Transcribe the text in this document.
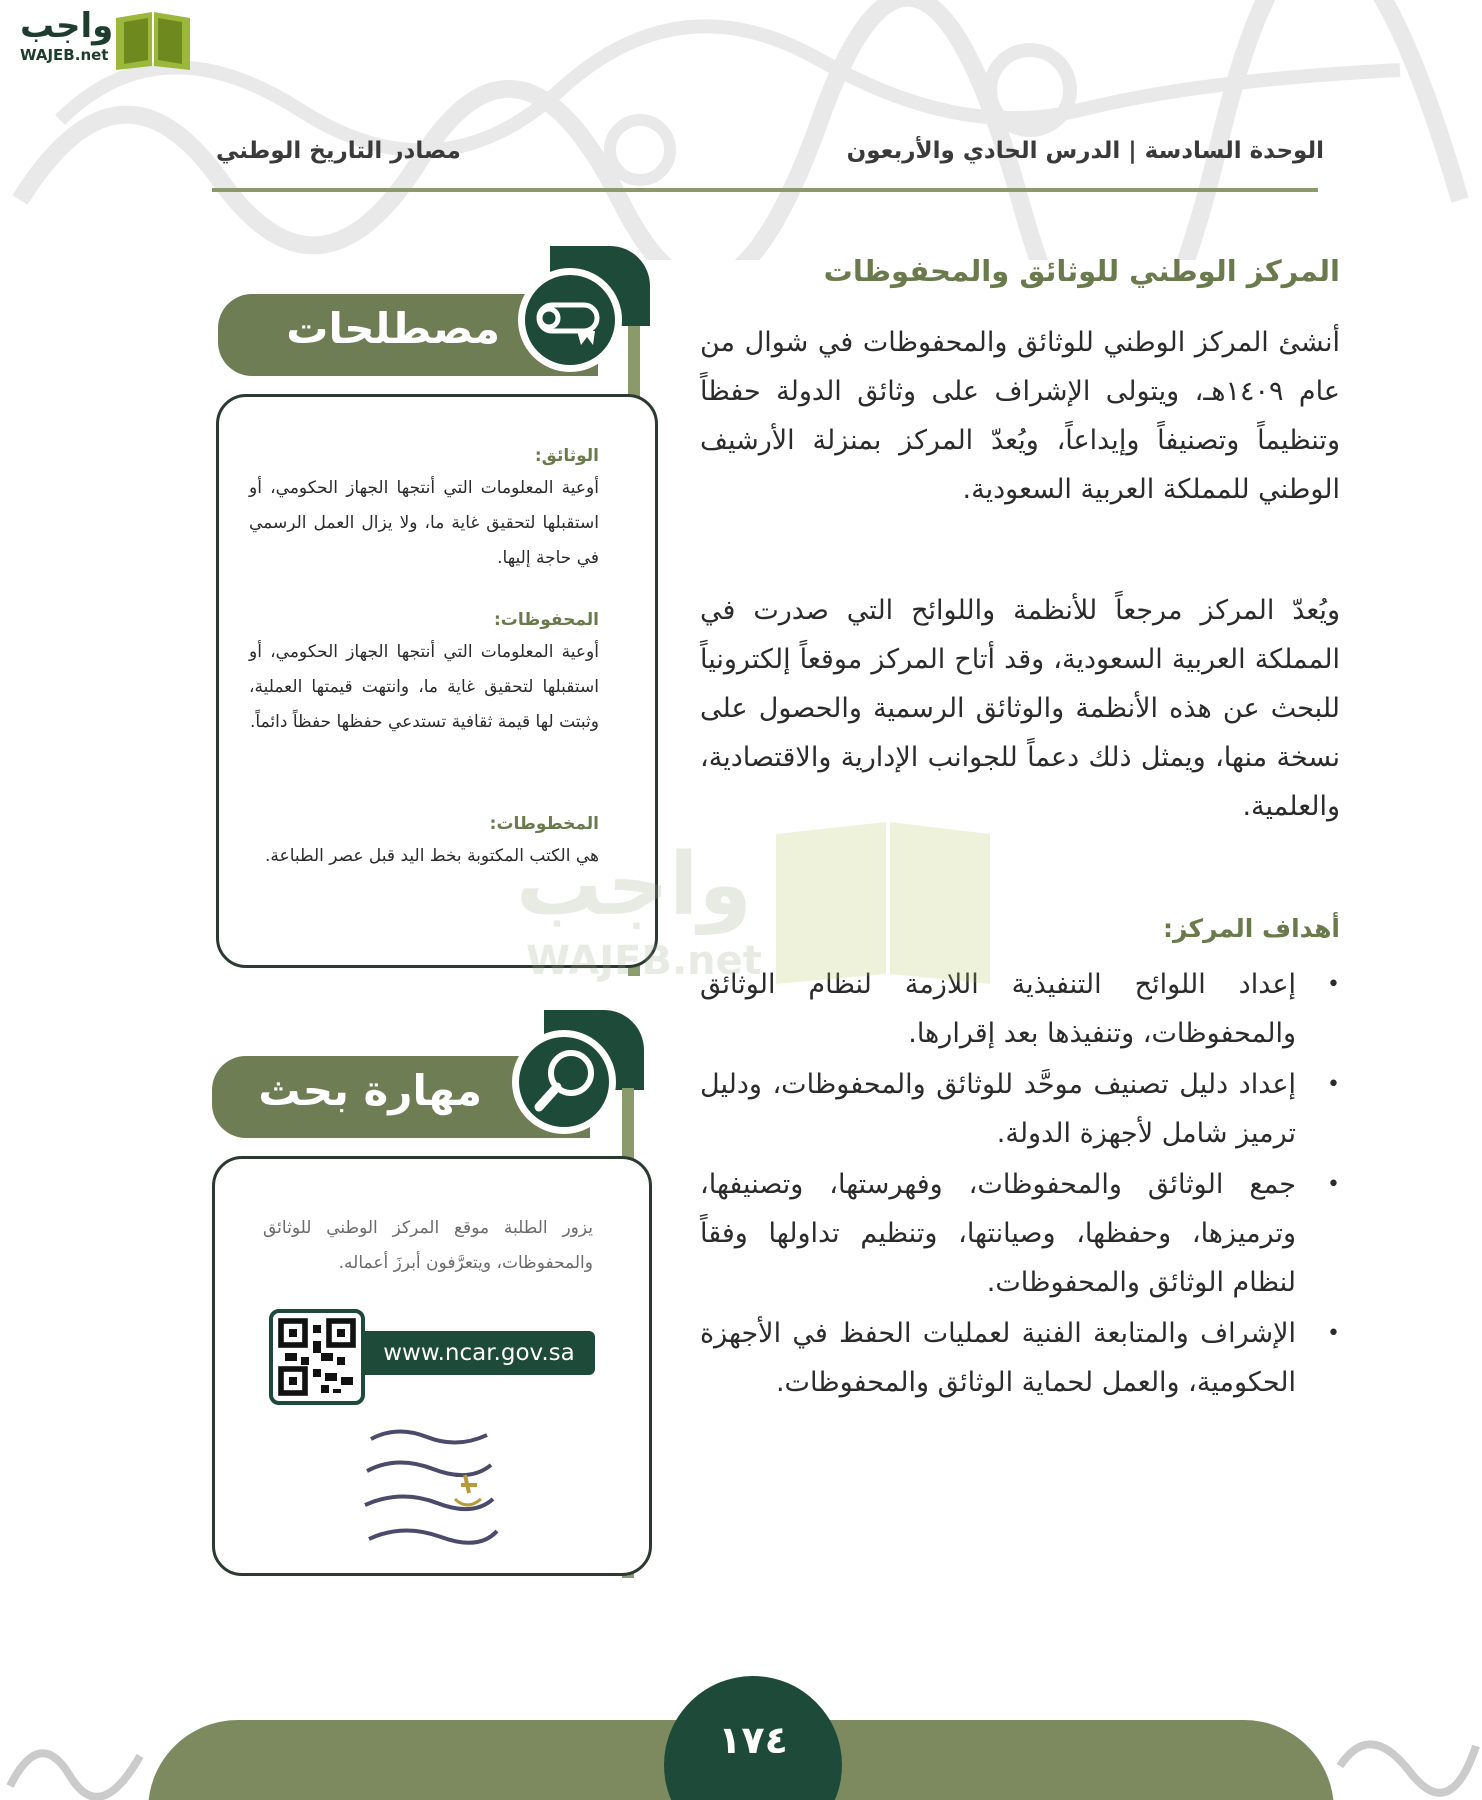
واجب
WAJEB.net
الوحدة السادسة | الدرس الحادي والأربعون
مصادر التاريخ الوطني
المركز الوطني للوثائق والمحفوظات
أنشئ المركز الوطني للوثائق والمحفوظات في شوال من عام ١٤٠٩هـ، ويتولى الإشراف على وثائق الدولة حفظاً وتنظيماً وتصنيفاً وإيداعاً، ويُعدّ المركز بمنزلة الأرشيف الوطني للمملكة العربية السعودية.
ويُعدّ المركز مرجعاً للأنظمة واللوائح التي صدرت في المملكة العربية السعودية، وقد أتاح المركز موقعاً إلكترونياً للبحث عن هذه الأنظمة والوثائق الرسمية والحصول على نسخة منها، ويمثل ذلك دعماً للجوانب الإدارية والاقتصادية، والعلمية.
أهداف المركز:
•
إعداد اللوائح التنفيذية اللازمة لنظام الوثائق والمحفوظات، وتنفيذها بعد إقرارها.
•
إعداد دليل تصنيف موحَّد للوثائق والمحفوظات، ودليل ترميز شامل لأجهزة الدولة.
•
جمع الوثائق والمحفوظات، وفهرستها، وتصنيفها، وترميزها، وحفظها، وصيانتها، وتنظيم تداولها وفقاً لنظام الوثائق والمحفوظات.
•
الإشراف والمتابعة الفنية لعمليات الحفظ في الأجهزة الحكومية، والعمل لحماية الوثائق والمحفوظات.
مصطلحات
الوثائق:
أوعية المعلومات التي أنتجها الجهاز الحكومي، أو استقبلها لتحقيق غاية ما، ولا يزال العمل الرسمي في حاجة إليها.
المحفوظات:
أوعية المعلومات التي أنتجها الجهاز الحكومي، أو استقبلها لتحقيق غاية ما، وانتهت قيمتها العملية، وثبتت لها قيمة ثقافية تستدعي حفظها حفظاً دائماً.
المخطوطات:
هي الكتب المكتوبة بخط اليد قبل عصر الطباعة.
مهارة بحث
يزور الطلبة موقع المركز الوطني للوثائق والمحفوظات، ويتعرَّفون أبرزَ أعماله.
www.ncar.gov.sa
واجب
WAJEB.net
١٧٤
